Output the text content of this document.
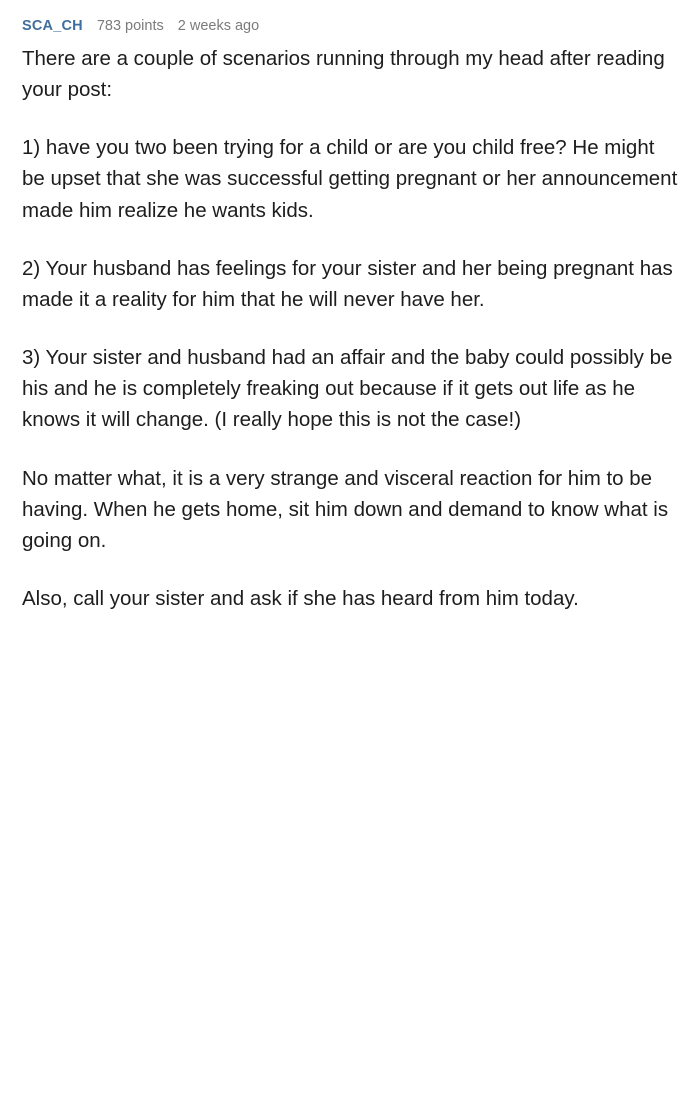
SCA_CH 783 points 2 weeks ago

There are a couple of scenarios running through my head after reading your post:

1) have you two been trying for a child or are you child free? He might be upset that she was successful getting pregnant or her announcement made him realize he wants kids.

2) Your husband has feelings for your sister and her being pregnant has made it a reality for him that he will never have her.

3) Your sister and husband had an affair and the baby could possibly be his and he is completely freaking out because if it gets out life as he knows it will change. (I really hope this is not the case!)

No matter what, it is a very strange and visceral reaction for him to be having. When he gets home, sit him down and demand to know what is going on.

Also, call your sister and ask if she has heard from him today.
